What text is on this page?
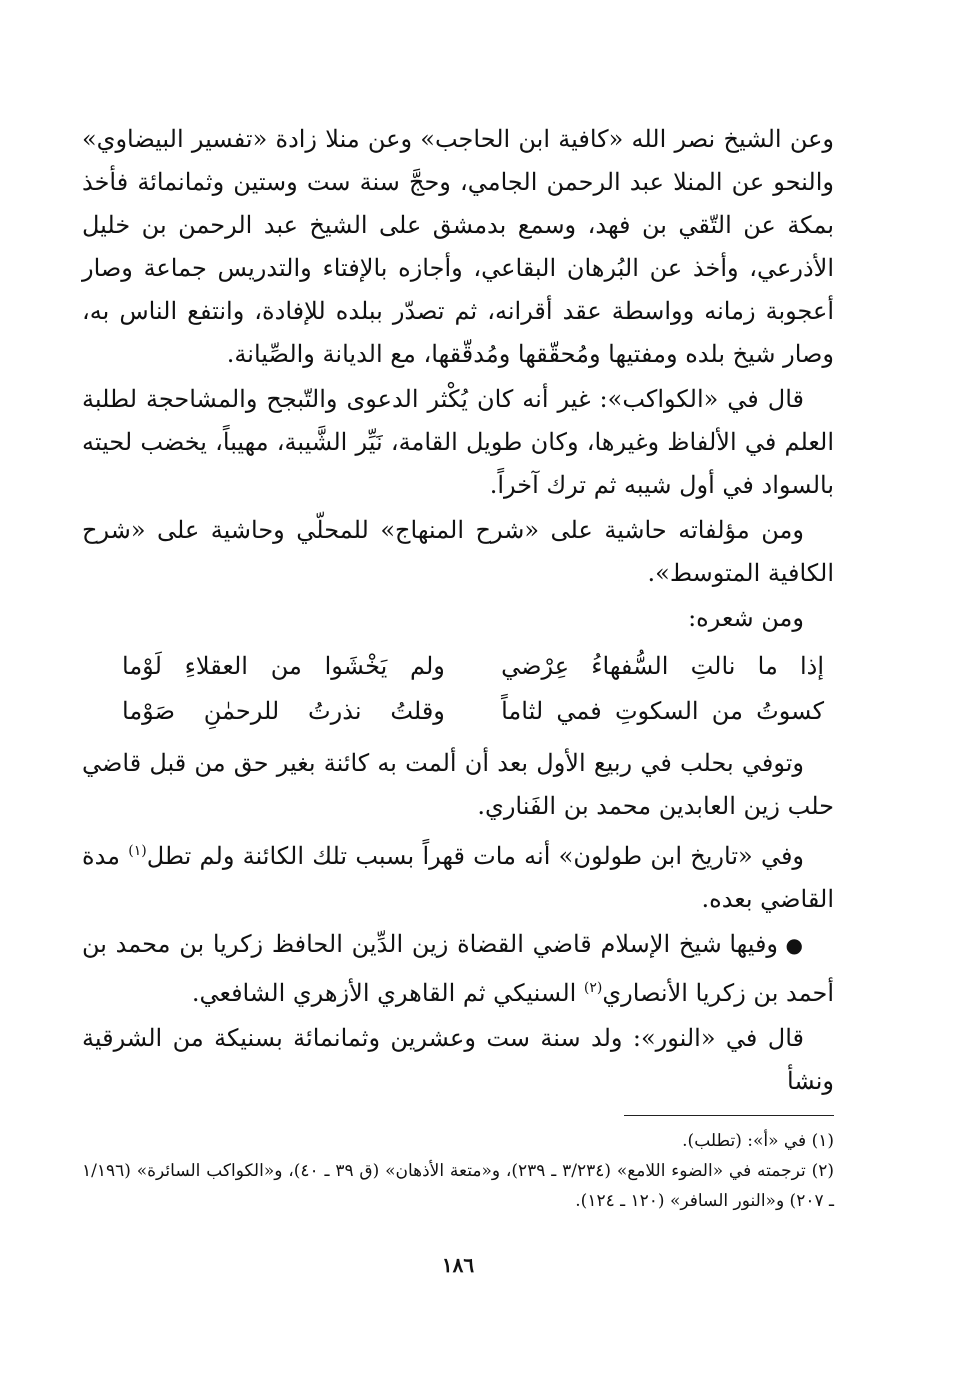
وعن الشيخ نصر الله «كافية ابن الحاجب» وعن منلا زادة «تفسير البيضاوي» والنحو عن المنلا عبد الرحمن الجامي، وحجَّ سنة ست وستين وثمانمائة فأخذ بمكة عن التّقي بن فهد، وسمع بدمشق على الشيخ عبد الرحمن بن خليل الأذرعي، وأخذ عن البُرهان البقاعي، وأجازه بالإفتاء والتدريس جماعة وصار أعجوبة زمانه وواسطة عقد أقرانه، ثم تصدّر ببلده للإفادة، وانتفع الناس به، وصار شيخ بلده ومفتيها ومُحقّقها ومُدقّقها، مع الديانة والصِّيانة.

قال في «الكواكب»: غير أنه كان يُكْثر الدعوى والتّبجح والمشاحجة لطلبة العلم في الألفاظ وغيرها، وكان طويل القامة، نَيِّر الشَّيبة، مهيباً، يخضب لحيته بالسواد في أول شيبه ثم ترك آخراً.

ومن مؤلفاته حاشية على «شرح المنهاج» للمحلّي وحاشية على «شرح الكافية المتوسط».

ومن شعره:

إذا ما نالتِ السُّفهاءُ عِرْضي
ولم يَخْشَوا من العقلاءِ لَوْما
كسوتُ من السكوتِ فمي لثاماً
وقلتُ نذرتُ للرحمٰنِ صَوْما

وتوفي بحلب في ربيع الأول بعد أن ألمت به كائنة بغير حق من قبل قاضي حلب زين العابدين محمد بن الفَناري.

وفي «تاريخ ابن طولون» أنه مات قهراً بسبب تلك الكائنة ولم تطل$^{(١)}$ مدة القاضي بعده.

● وفيها شيخ الإسلام قاضي القضاة زين الدِّين الحافظ زكريا بن محمد بن أحمد بن زكريا الأنصاري$^{(٢)}$ السنيكي ثم القاهري الأزهري الشافعي.

قال في «النور»: ولد سنة ست وعشرين وثمانمائة بسنيكة من الشرقية ونشأ

(١) في «أ»: (تطلب).

(٢) ترجمته في «الضوء اللامع» (٣/٢٣٤ ـ ٢٣٩)، و«متعة الأذهان» (ق ٣٩ ـ ٤٠)، و«الكواكب السائرة» (١/١٩٦ ـ ٢٠٧) و«النور السافر» (١٢٠ ـ ١٢٤).

١٨٦
